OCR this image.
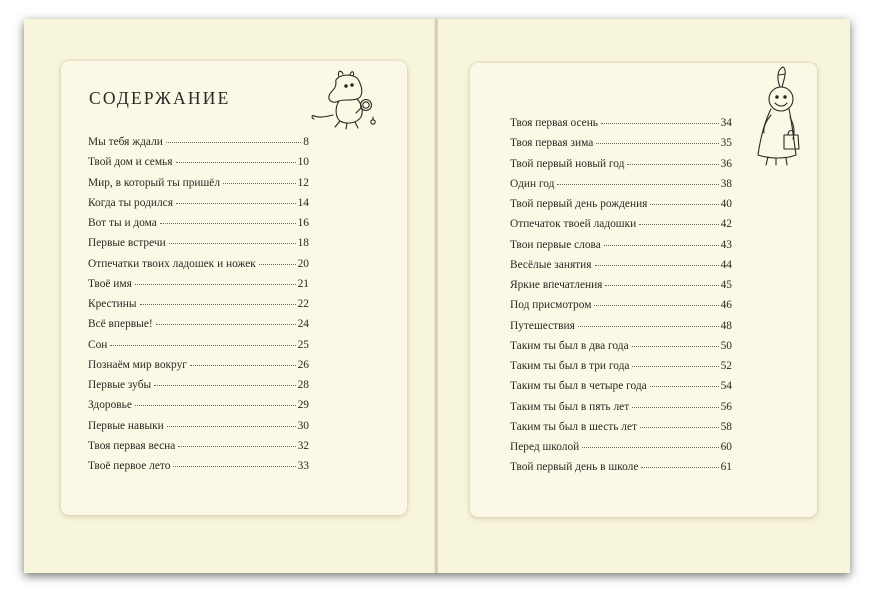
СОДЕРЖАНИЕ
Мы тебя ждали	8
Твой дом и семья	10
Мир, в который ты пришёл	12
Когда ты родился	14
Вот ты и дома	16
Первые встречи	18
Отпечатки твоих ладошек и ножек	20
Твоё имя	21
Крестины	22
Всё впервые!	24
Сон	25
Познаём мир вокруг	26
Первые зубы	28
Здоровье	29
Первые навыки	30
Твоя первая весна	32
Твоё первое лето	33
Твоя первая осень	34
Твоя первая зима	35
Твой первый новый год	36
Один год	38
Твой первый день рождения	40
Отпечаток твоей ладошки	42
Твои первые слова	43
Весёлые занятия	44
Яркие впечатления	45
Под присмотром	46
Путешествия	48
Таким ты был в два года	50
Таким ты был в три года	52
Таким ты был в четыре года	54
Таким ты был в пять лет	56
Таким ты был в шесть лет	58
Перед школой	60
Твой первый день в школе	61
